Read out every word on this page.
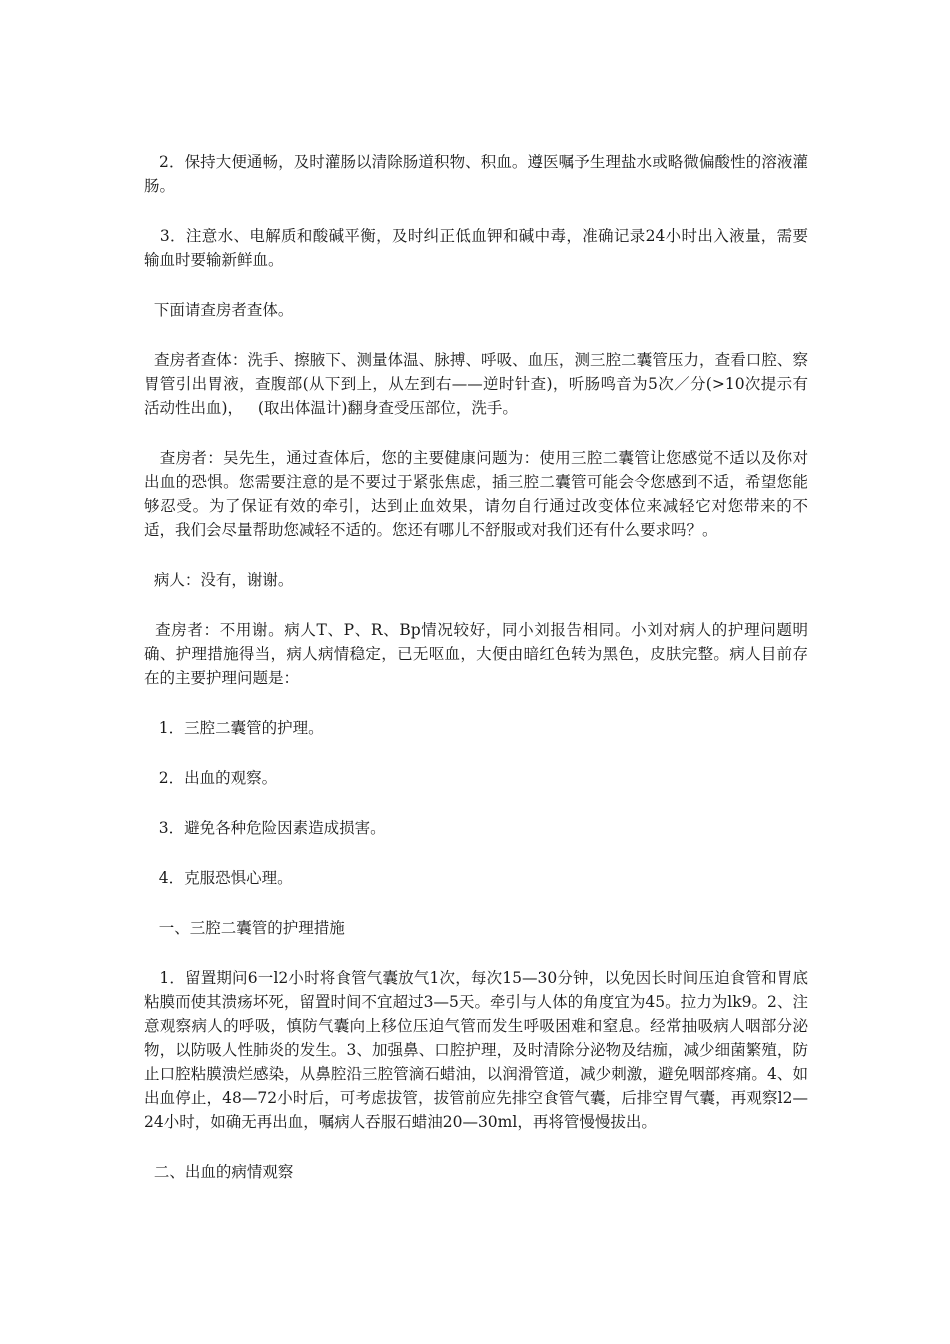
2．保持大便通畅，及时灌肠以清除肠道积物、积血。遵医嘱予生理盐水或略微偏酸性的溶液灌肠。

3．注意水、电解质和酸碱平衡，及时纠正低血钾和碱中毒，准确记录24小时出入液量，需要输血时要输新鲜血。

下面请查房者查体。

查房者查体：洗手、擦腋下、测量体温、脉搏、呼吸、血压，测三腔二囊管压力，查看口腔、察胃管引出胃液，查腹部(从下到上，从左到右——逆时针查)，听肠鸣音为5次／分(>10次提示有活动性出血)，   (取出体温计)翻身查受压部位，洗手。

查房者：吴先生，通过查体后，您的主要健康问题为：使用三腔二囊管让您感觉不适以及你对出血的恐惧。您需要注意的是不要过于紧张焦虑，插三腔二囊管可能会令您感到不适，希望您能够忍受。为了保证有效的牵引，达到止血效果，请勿自行通过改变体位来减轻它对您带来的不适，我们会尽量帮助您减轻不适的。您还有哪儿不舒服或对我们还有什么要求吗？。

病人：没有，谢谢。

查房者：不用谢。病人T、P、R、Bp情况较好，同小刘报告相同。小刘对病人的护理问题明确、护理措施得当，病人病情稳定，已无呕血，大便由暗红色转为黑色，皮肤完整。病人目前存在的主要护理问题是：

1．三腔二囊管的护理。

2．出血的观察。

3．避免各种危险因素造成损害。

4．克服恐惧心理。

一、三腔二囊管的护理措施

1．留置期问6一l2小时将食管气囊放气1次，每次15—30分钟，以免因长时间压迫食管和胃底粘膜而使其溃疡坏死，留置时间不宜超过3—5天。牵引与人体的角度宜为45。拉力为lk9。2、注意观察病人的呼吸，慎防气囊向上移位压迫气管而发生呼吸困难和窒息。经常抽吸病人咽部分泌物，以防吸人性肺炎的发生。3、加强鼻、口腔护理，及时清除分泌物及结痂，减少细菌繁殖，防止口腔粘膜溃烂感染，从鼻腔沿三腔管滴石蜡油，以润滑管道，减少刺激，避免咽部疼痛。4、如出血停止，48—72小时后，可考虑拔管，拔管前应先排空食管气囊，后排空胃气囊，再观察l2—24小时，如确无再出血，嘱病人吞服石蜡油20—30ml，再将管慢慢拔出。

二、出血的病情观察
